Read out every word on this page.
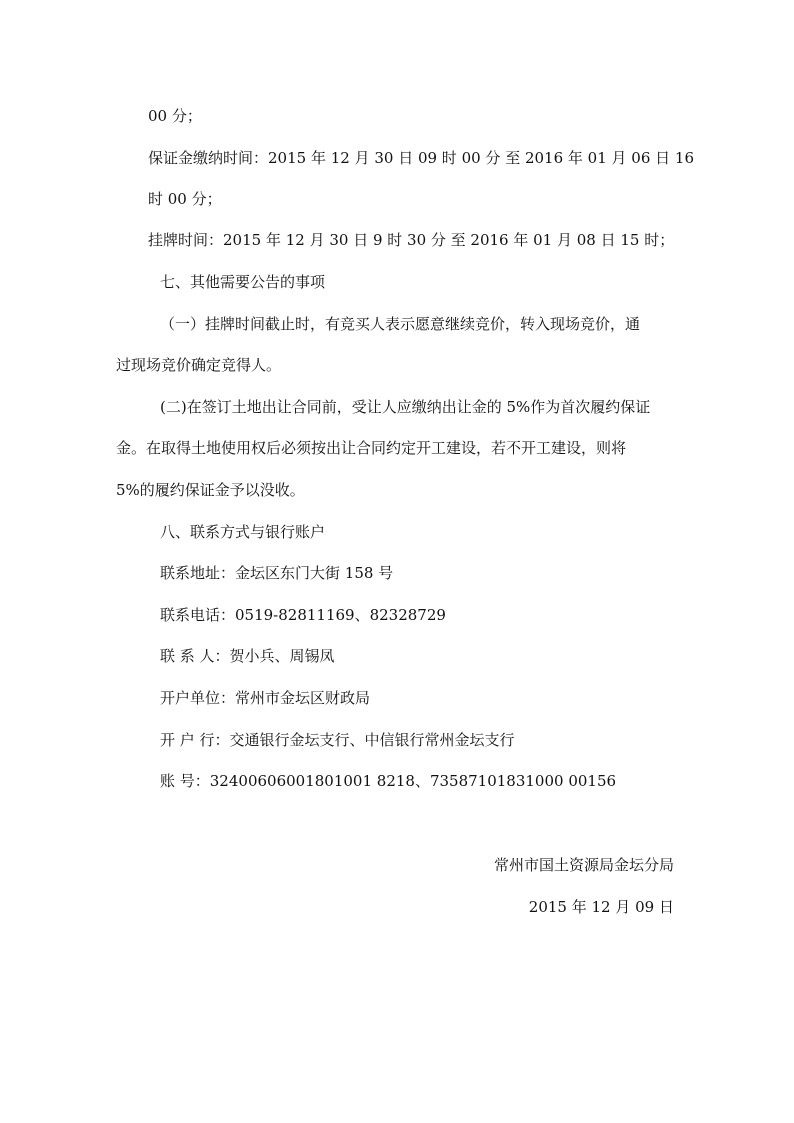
00 分；
保证金缴纳时间：2015 年 12 月 30 日 09 时 00 分 至 2016 年 01 月 06 日 16
时 00 分；
挂牌时间：2015 年 12 月 30 日 9 时 30 分 至 2016 年 01 月 08 日 15 时；
七、其他需要公告的事项
（一）挂牌时间截止时，有竞买人表示愿意继续竞价，转入现场竞价，通
过现场竞价确定竞得人。
(二)在签订土地出让合同前，受让人应缴纳出让金的 5%作为首次履约保证
金。在取得土地使用权后必须按出让合同约定开工建设，若不开工建设，则将
5%的履约保证金予以没收。
八、联系方式与银行账户
联系地址：金坛区东门大街 158 号
联系电话：0519-82811169、82328729
联 系 人：贺小兵、周锡凤
开户单位：常州市金坛区财政局
开 户 行：交通银行金坛支行、中信银行常州金坛支行
账 号：32400606001801001 8218、73587101831000 00156
常州市国土资源局金坛分局
2015 年 12 月 09 日
